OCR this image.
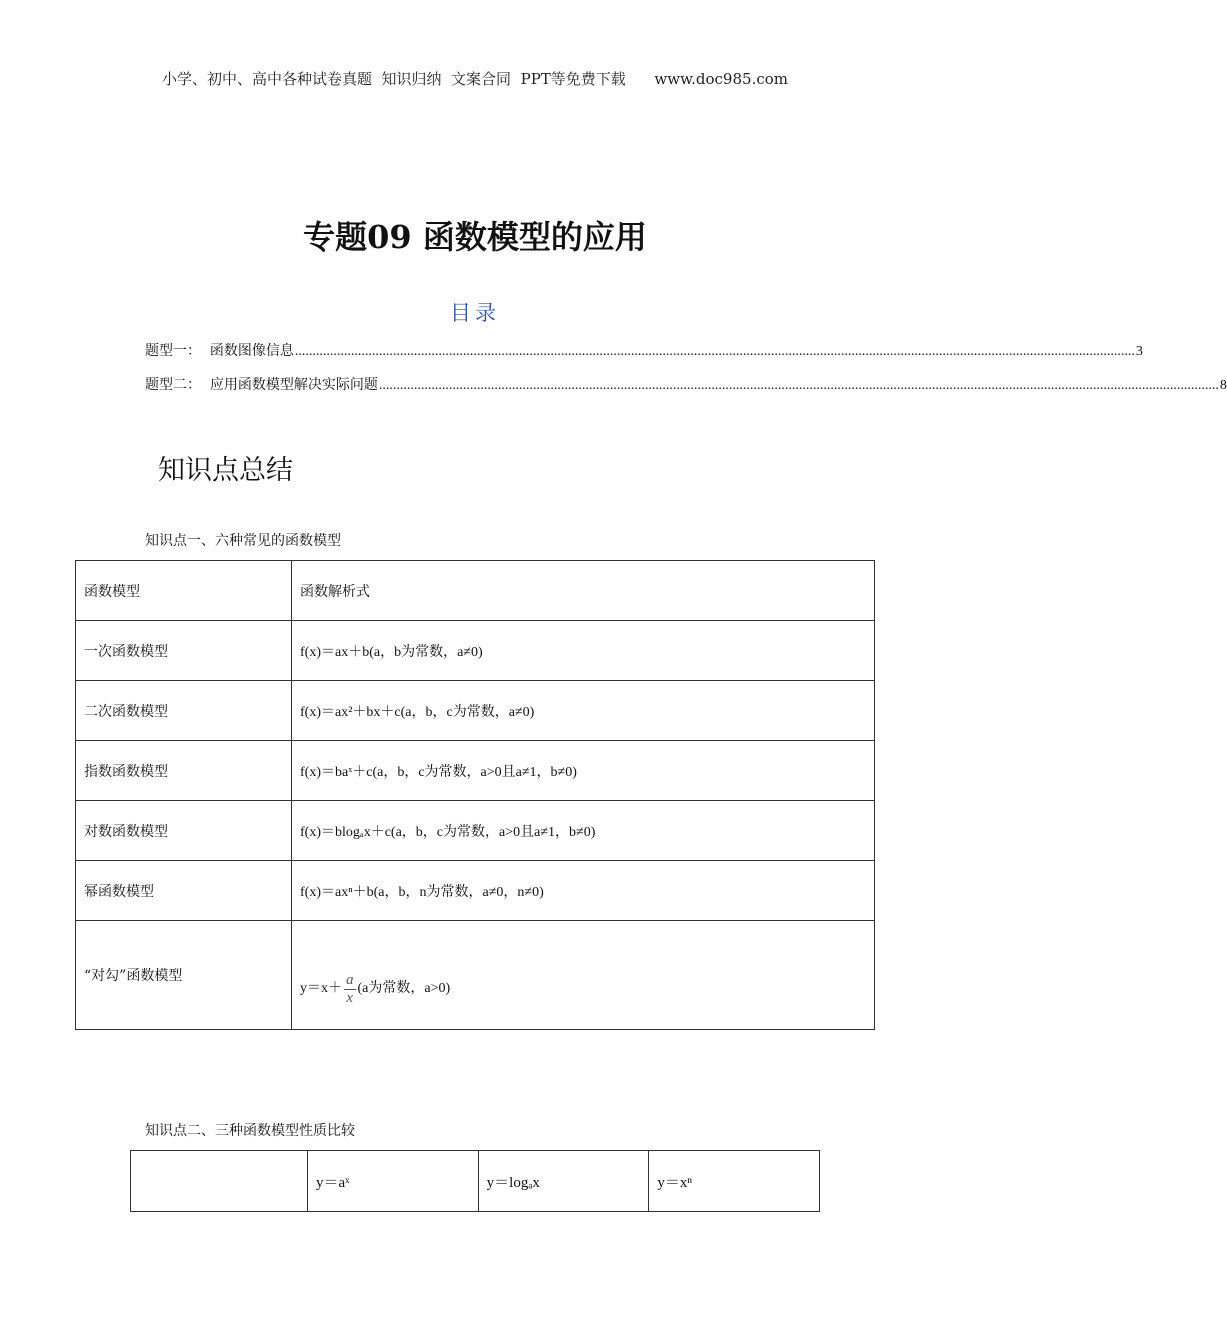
小学、初中、高中各种试卷真题  知识归纳  文案合同  PPT等免费下载      www.doc985.com
专题09 函数模型的应用
目录
题型一：  函数图像信息 ................................................................................................................................................................................................................................................ 3
题型二：  应用函数模型解决实际问题 ................................................................................................................................................................................................................................................ 8
知识点总结
知识点一、六种常见的函数模型
函数模型	函数解析式
一次函数模型	f(x)＝ax＋b(a，b为常数，a≠0)
二次函数模型	f(x)＝ax²＋bx＋c(a，b，c为常数，a≠0)
指数函数模型	f(x)＝baˣ＋c(a，b，c为常数，a>0且a≠1，b≠0)
对数函数模型	f(x)＝blogₐx＋c(a，b，c为常数，a>0且a≠1，b≠0)
幂函数模型	f(x)＝axⁿ＋b(a，b，n为常数，a≠0，n≠0)
“对勾”函数模型	$y=x+ \frac{a}{x} (a$为常数，a>0)
知识点二、三种函数模型性质比较
	y＝aˣ	y＝logₐx	y＝xⁿ
